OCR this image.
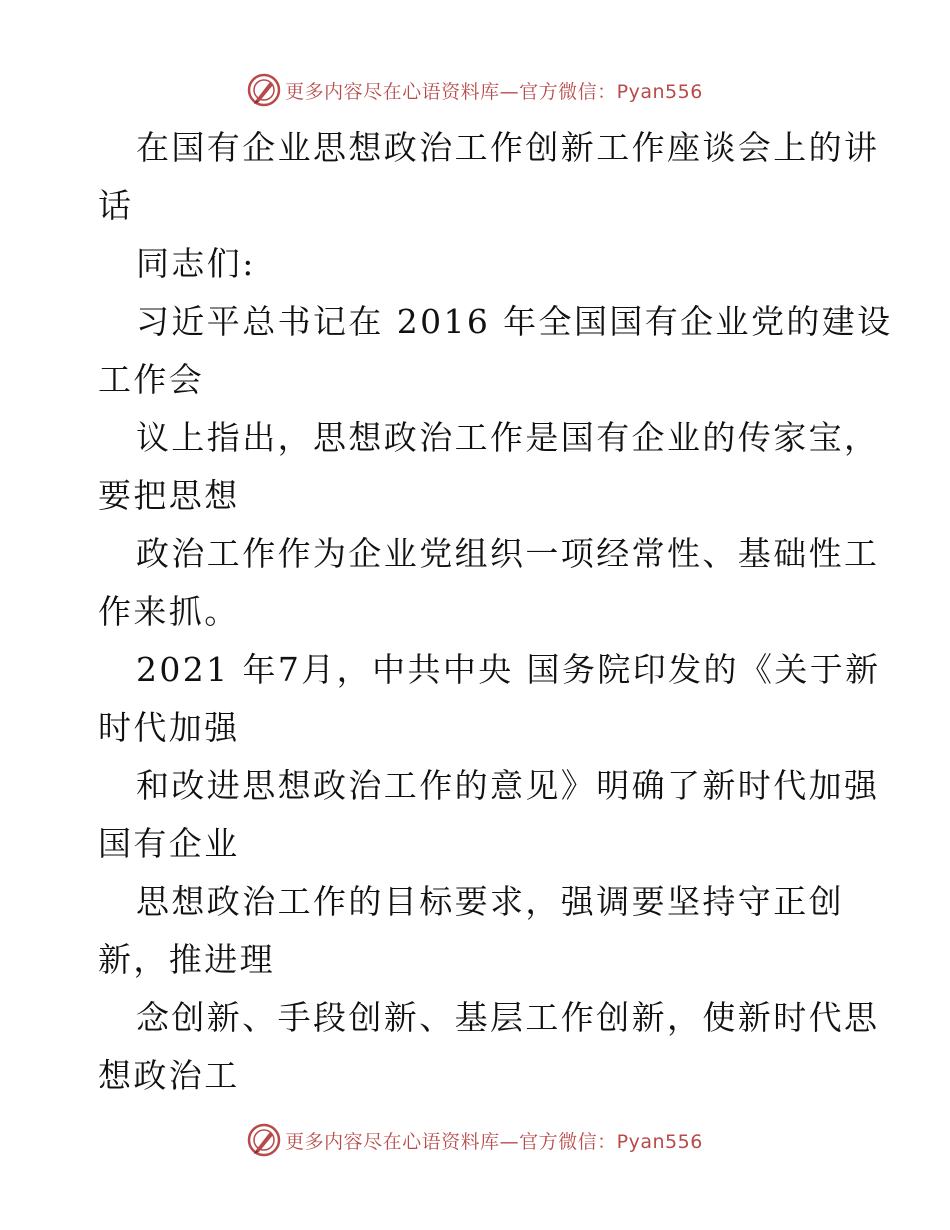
更多内容尽在心语资料库—官方微信：Pyan556
在国有企业思想政治工作创新工作座谈会上的讲
话
同志们:
习近平总书记在 2016 年全国国有企业党的建设
工作会
议上指出，思想政治工作是国有企业的传家宝，
要把思想
政治工作作为企业党组织一项经常性、基础性工
作来抓。
2021 年7月，中共中央 国务院印发的《关于新
时代加强
和改进思想政治工作的意见》明确了新时代加强
国有企业
思想政治工作的目标要求，强调要坚持守正创
新，推进理
念创新、手段创新、基层工作创新，使新时代思
想政治工
更多内容尽在心语资料库—官方微信：Pyan556
